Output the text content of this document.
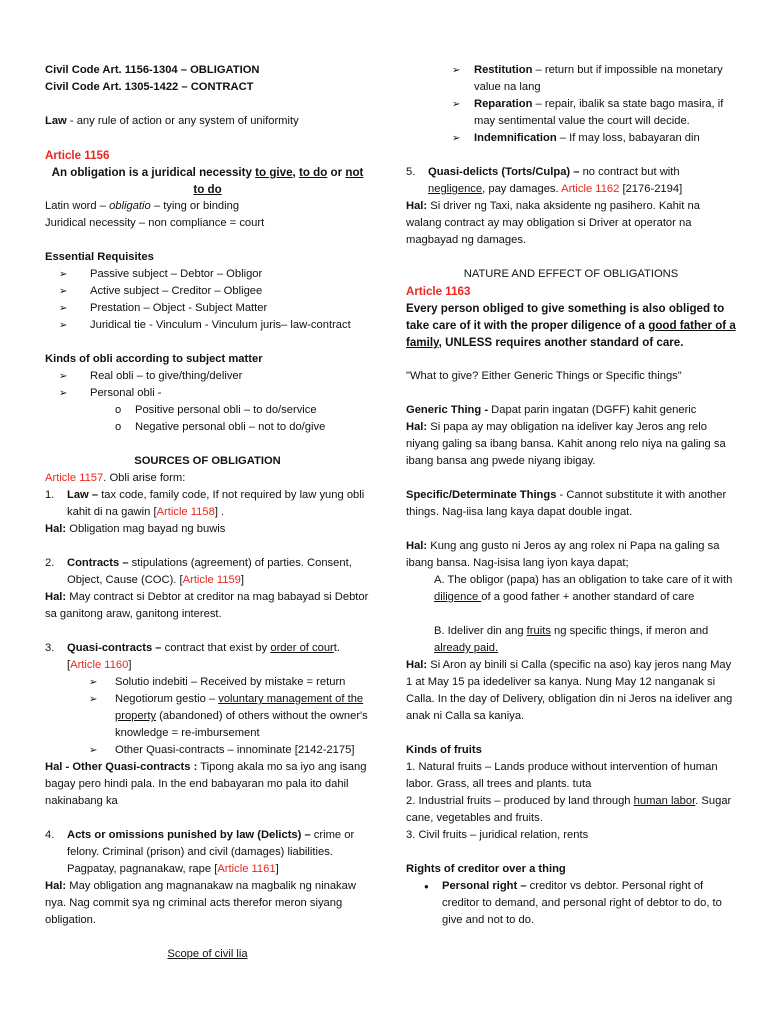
Civil Code Art. 1156-1304 – OBLIGATION

Civil Code Art. 1305-1422 – CONTRACT

Law - any rule of action or any system of uniformity

Article 1156

An obligation is a juridical necessity to give, to do or not to do

Latin word – obligatio – tying or binding

Juridical necessity – non compliance = court

Essential Requisites

➢ Passive subject – Debtor – Obligor
➢ Active subject – Creditor – Obligee
➢ Prestation – Object - Subject Matter
➢ Juridical tie - Vinculum - Vinculum juris– law-contract

Kinds of obli according to subject matter

➢ Real obli – to give/thing/deliver
➢ Personal obli -
o Positive personal obli – to do/service
o Negative personal obli – not to do/give

SOURCES OF OBLIGATION

Article 1157. Obli arise form:

1. Law – tax code, family code, If not required by law yung obli kahit di na gawin [Article 1158] .

Hal: Obligation mag bayad ng buwis

2. Contracts – stipulations (agreement) of parties. Consent, Object, Cause (COC). [Article 1159]

Hal: May contract si Debtor at creditor na mag babayad si Debtor sa ganitong araw, ganitong interest.

3. Quasi-contracts – contract that exist by order of court. [Article 1160]
➢ Solutio indebiti – Received by mistake = return
➢ Negotiorum gestio – voluntary management of the property (abandoned) of others without the owner's knowledge = re-imbursement
➢ Other Quasi-contracts – innominate [2142-2175]

Hal - Other Quasi-contracts : Tipong akala mo sa iyo ang isang bagay pero hindi pala. In the end babayaran mo pala ito dahil nakinabang ka

4. Acts or omissions punished by law (Delicts) – crime or felony. Criminal (prison) and civil (damages) liabilities. Pagpatay, pagnanakaw, rape [Article 1161]

Hal: May obligation ang magnanakaw na magbalik ng ninakaw nya. Nag commit sya ng criminal acts therefor meron siyang obligation.

Scope of civil lia

➢ Restitution – return but if impossible na monetary value na lang
➢ Reparation – repair, ibalik sa state bago masira, if may sentimental value the court will decide.
➢ Indemnification – If may loss, babayaran din
5. Quasi-delicts (Torts/Culpa) – no contract but with negligence, pay damages. Article 1162 [2176-2194]

Hal: Si driver ng Taxi, naka aksidente ng pasihero. Kahit na walang contract ay may obligation si Driver at operator na magbayad ng damages.

NATURE AND EFFECT OF OBLIGATIONS

Article 1163

Every person obliged to give something is also obliged to take care of it with the proper diligence of a good father of a family, UNLESS requires another standard of care.

"What to give? Either Generic Things or Specific things"

Generic Thing - Dapat parin ingatan (DGFF) kahit generic

Hal: Si papa ay may obligation na ideliver kay Jeros ang relo niyang galing sa ibang bansa. Kahit anong relo niya na galing sa ibang bansa ang pwede niyang ibigay.

Specific/Determinate Things - Cannot substitute it with another things. Nag-iisa lang kaya dapat double ingat.

Hal: Kung ang gusto ni Jeros ay ang rolex ni Papa na galing sa ibang bansa. Nag-isisa lang iyon kaya dapat;

A. The obligor (papa) has an obligation to take care of it with diligence of a good father + another standard of care

B. Ideliver din ang fruits ng specific things, if meron and already paid.

Hal: Si Aron ay binili si Calla (specific na aso) kay jeros nang May 1 at May 15 pa idedeliver sa kanya. Nung May 12 nanganak si Calla. In the day of Delivery, obligation din ni Jeros na ideliver ang anak ni Calla sa kaniya.

Kinds of fruits

1. Natural fruits – Lands produce without intervention of human labor. Grass, all trees and plants. tuta

2. Industrial fruits – produced by land through human labor. Sugar cane, vegetables and fruits.

3. Civil fruits – juridical relation, rents

Rights of creditor over a thing

● Personal right – creditor vs debtor. Personal right of creditor to demand, and personal right of debtor to do, to give and not to do.
